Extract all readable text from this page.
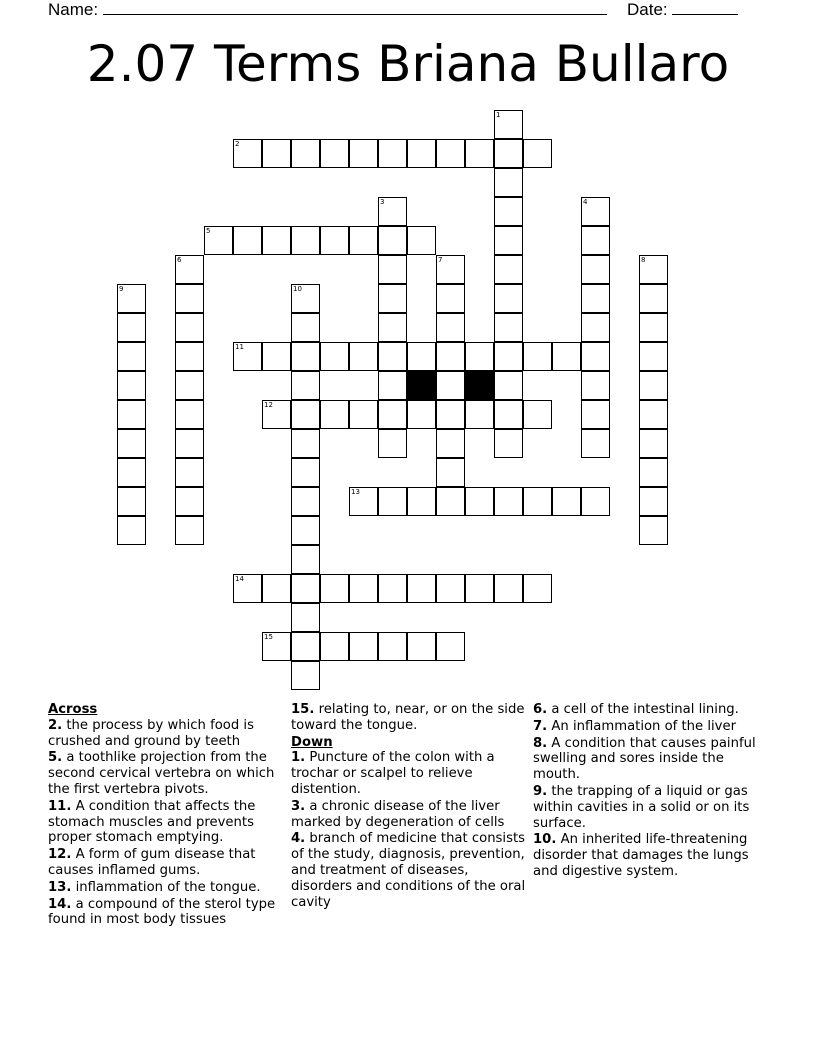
Name:	Date:
2.07 Terms Briana Bullaro
1
2
3	4
5
6	7	8
9	10
11
12
13
14
15
Across
2. the process by which food is crushed and ground by teeth
5. a toothlike projection from the second cervical vertebra on which the first vertebra pivots.
11. A condition that affects the stomach muscles and prevents proper stomach emptying.
12. A form of gum disease that causes inflamed gums.
13. inflammation of the tongue.
14. a compound of the sterol type found in most body tissues
15. relating to, near, or on the side toward the tongue.
Down
1. Puncture of the colon with a trochar or scalpel to relieve distention.
3. a chronic disease of the liver marked by degeneration of cells
4. branch of medicine that consists of the study, diagnosis, prevention, and treatment of diseases, disorders and conditions of the oral cavity
6. a cell of the intestinal lining.
7. An inflammation of the liver
8. A condition that causes painful swelling and sores inside the mouth.
9. the trapping of a liquid or gas within cavities in a solid or on its surface.
10. An inherited life-threatening disorder that damages the lungs and digestive system.
